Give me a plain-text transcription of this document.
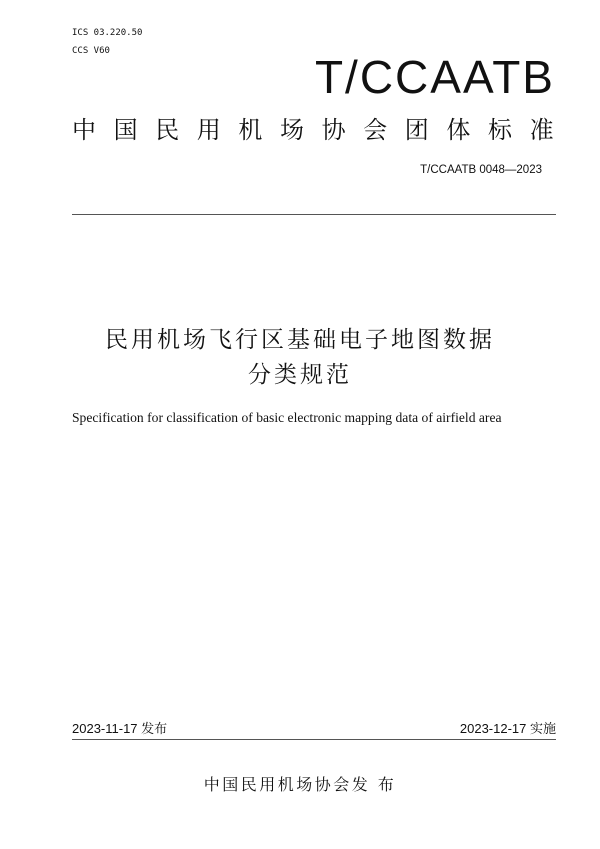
ICS 03.220.50
CCS V60	T/CCAATB
中国民用机场协会团体标准
T/CCAATB 0048—2023
民用机场飞行区基础电子地图数据
分类规范
Specification for classification of basic electronic mapping data of airfield area
2023-11-17 发布	2023-12-17 实施
中国民用机场协会发 布
